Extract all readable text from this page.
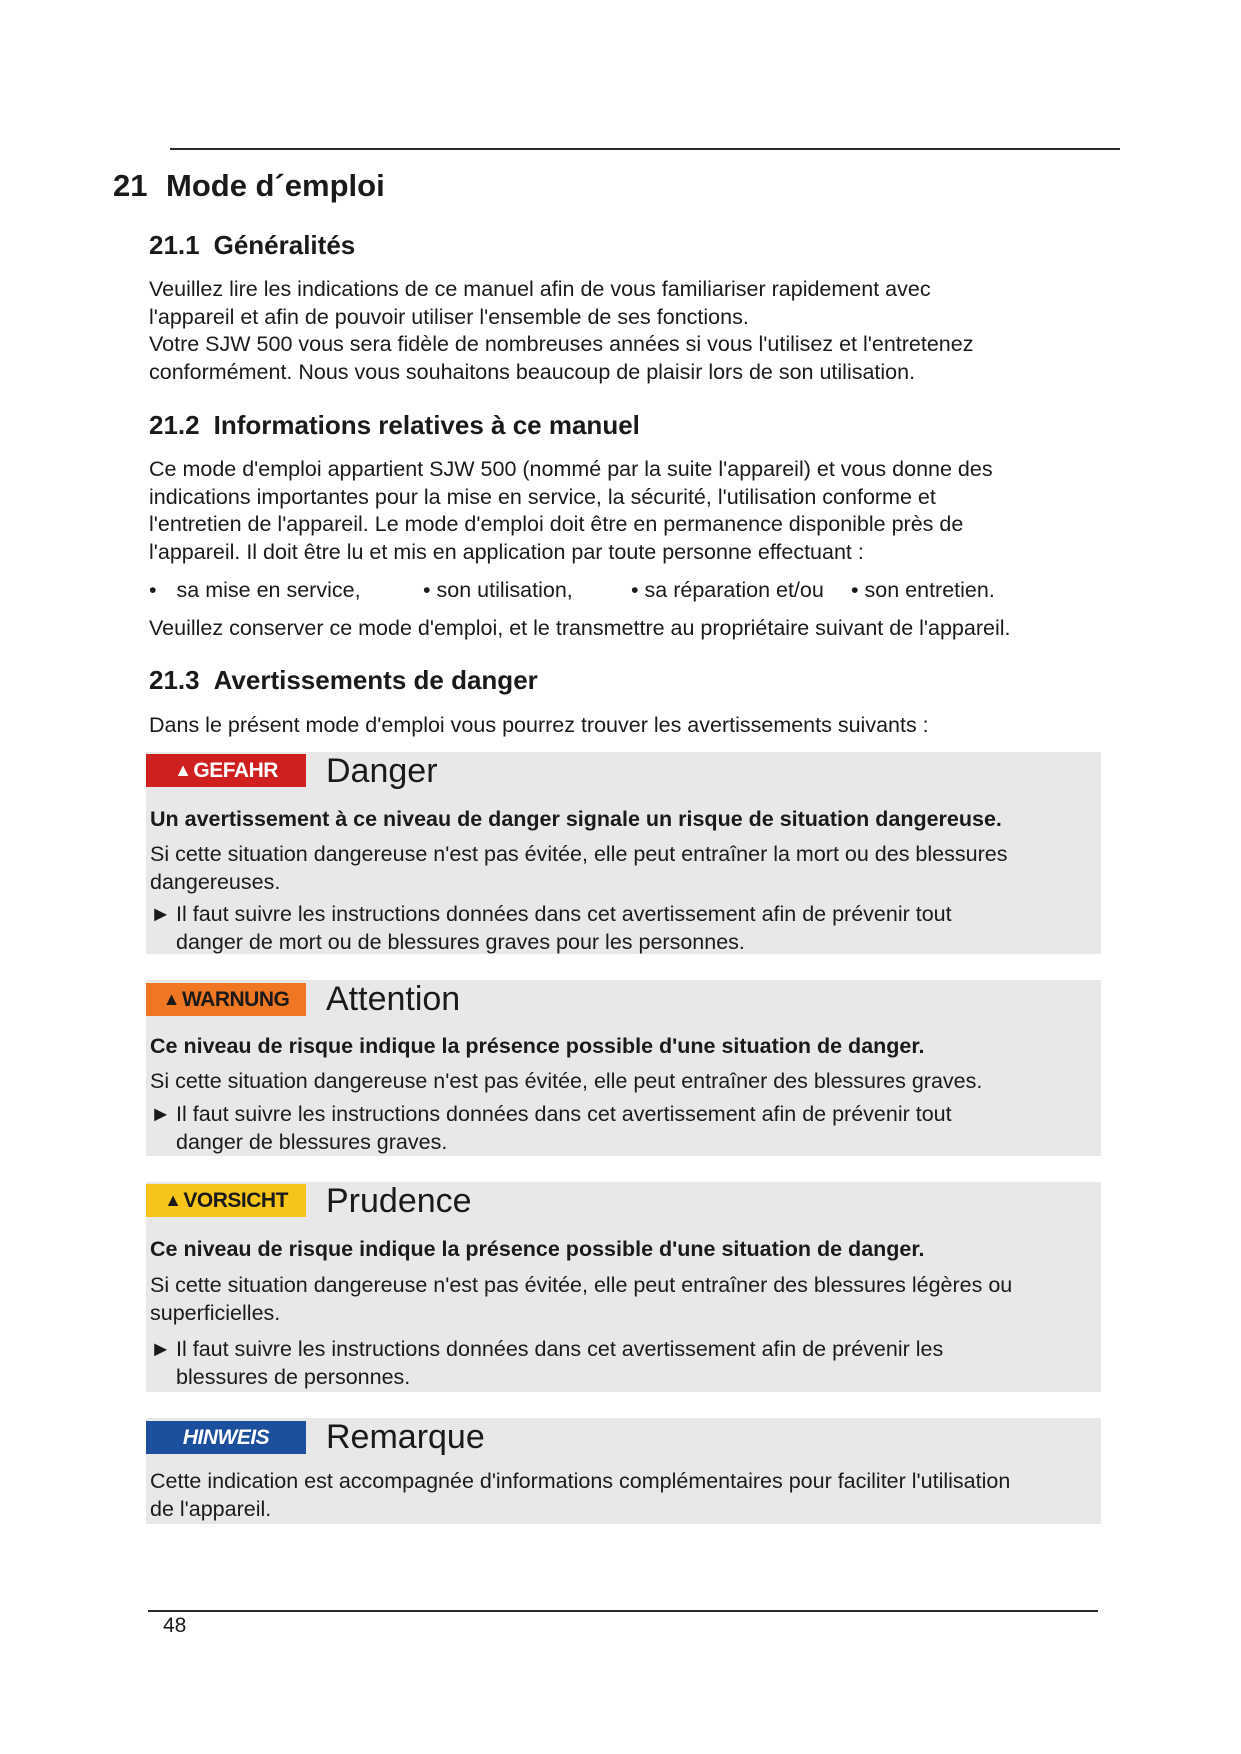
21 Mode d´emploi
21.1 Généralités
Veuillez lire les indications de ce manuel afin de vous familiariser rapidement avec
l'appareil et afin de pouvoir utiliser l'ensemble de ses fonctions.
Votre SJW 500 vous sera fidèle de nombreuses années si vous l'utilisez et l'entretenez
conformément. Nous vous souhaitons beaucoup de plaisir lors de son utilisation.
21.2 Informations relatives à ce manuel
Ce mode d'emploi appartient SJW 500 (nommé par la suite l'appareil) et vous donne des
indications importantes pour la mise en service, la sécurité, l'utilisation conforme et
l'entretien de l'appareil. Le mode d'emploi doit être en permanence disponible près de
l'appareil. Il doit être lu et mis en application par toute personne effectuant :
• sa mise en service,	• son utilisation,	• sa réparation et/ou • son entretien.

Veuillez conserver ce mode d'emploi, et le transmettre au propriétaire suivant de l'appareil.

21.3 Avertissements de danger

Dans le présent mode d'emploi vous pourrez trouver les avertissements suivants :

▲ GEFAHR Danger

Un avertissement à ce niveau de danger signale un risque de situation dangereuse.

Si cette situation dangereuse n'est pas évitée, elle peut entraîner la mort ou des blessures
dangereuses.
► Il faut suivre les instructions données dans cet avertissement afin de prévenir tout
danger de mort ou de blessures graves pour les personnes.
▲ WARNUNG Attention

Ce niveau de risque indique la présence possible d'une situation de danger.

Si cette situation dangereuse n'est pas évitée, elle peut entraîner des blessures graves.
► Il faut suivre les instructions données dans cet avertissement afin de prévenir tout
danger de blessures graves.
▲ VORSICHT Prudence

Ce niveau de risque indique la présence possible d'une situation de danger.

Si cette situation dangereuse n'est pas évitée, elle peut entraîner des blessures légères ou
superficielles.
► Il faut suivre les instructions données dans cet avertissement afin de prévenir les
blessures de personnes.
HINWEIS Remarque
Cette indication est accompagnée d'informations complémentaires pour faciliter l'utilisation
de l'appareil.

48
